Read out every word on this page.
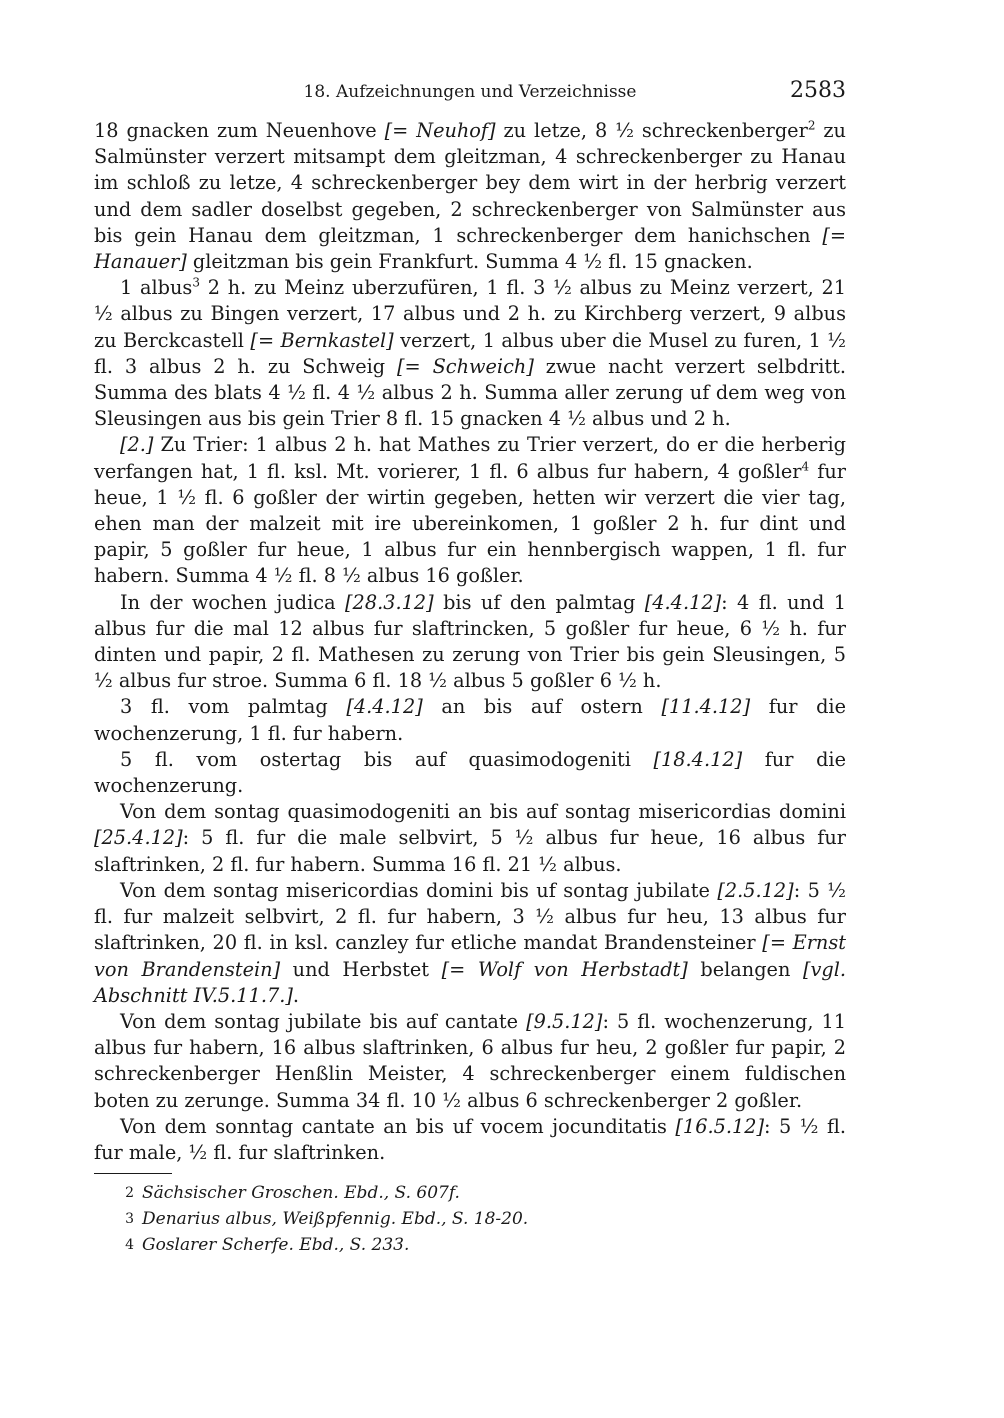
18. Aufzeichnungen und Verzeichnisse	2583

18 gnacken zum Neuenhove [= Neuhof] zu letze, 8 ½ schreckenberger$^2$ zu Salmünster verzert mitsampt dem gleitzman, 4 schreckenberger zu Hanau im schloß zu letze, 4 schreckenberger bey dem wirt in der herbrig verzert und dem sadler doselbst gegeben, 2 schreckenberger von Salmünster aus bis gein Hanau dem gleitzman, 1 schreckenberger dem hanichschen [= Hanauer] gleitzman bis gein Frankfurt. Summa 4 ½ fl. 15 gnacken.

1 albus$^3$ 2 h. zu Meinz uberzufüren, 1 fl. 3 ½ albus zu Meinz verzert, 21 ½ albus zu Bingen verzert, 17 albus und 2 h. zu Kirchberg verzert, 9 albus zu Berckcastell [= Bernkastel] verzert, 1 albus uber die Musel zu furen, 1 ½ fl. 3 albus 2 h. zu Schweig [= Schweich] zwue nacht verzert selbdritt. Summa des blats 4 ½ fl. 4 ½ albus 2 h. Summa aller zerung uf dem weg von Sleusingen aus bis gein Trier 8 fl. 15 gnacken 4 ½ albus und 2 h.

[2.] Zu Trier: 1 albus 2 h. hat Mathes zu Trier verzert, do er die herberig verfangen hat, 1 fl. ksl. Mt. vorierer, 1 fl. 6 albus fur habern, 4 goßler$^4$ fur heue, 1 ½ fl. 6 goßler der wirtin gegeben, hetten wir verzert die vier tag, ehen man der malzeit mit ire ubereinkomen, 1 goßler 2 h. fur dint und papir, 5 goßler fur heue, 1 albus fur ein hennbergisch wappen, 1 fl. fur habern. Summa 4 ½ fl. 8 ½ albus 16 goßler.

In der wochen judica [28.3.12] bis uf den palmtag [4.4.12]: 4 fl. und 1 albus fur die mal 12 albus fur slaftrincken, 5 goßler fur heue, 6 ½ h. fur dinten und papir, 2 fl. Mathesen zu zerung von Trier bis gein Sleusingen, 5 ½ albus fur stroe. Summa 6 fl. 18 ½ albus 5 goßler 6 ½ h.

3 fl. vom palmtag [4.4.12] an bis auf ostern [11.4.12] fur die wochenzerung, 1 fl. fur habern.

5 fl. vom ostertag bis auf quasimodogeniti [18.4.12] fur die wochenzerung.

Von dem sontag quasimodogeniti an bis auf sontag misericordias domini [25.4.12]: 5 fl. fur die male selbvirt, 5 ½ albus fur heue, 16 albus fur slaftrinken, 2 fl. fur habern. Summa 16 fl. 21 ½ albus.

Von dem sontag misericordias domini bis uf sontag jubilate [2.5.12]: 5 ½ fl. fur malzeit selbvirt, 2 fl. fur habern, 3 ½ albus fur heu, 13 albus fur slaftrinken, 20 fl. in ksl. canzley fur etliche mandat Brandensteiner [= Ernst von Brandenstein] und Herbstet [= Wolf von Herbstadt] belangen [vgl. Abschnitt IV.5.11.7.].

Von dem sontag jubilate bis auf cantate [9.5.12]: 5 fl. wochenzerung, 11 albus fur habern, 16 albus slaftrinken, 6 albus fur heu, 2 goßler fur papir, 2 schreckenberger Henßlin Meister, 4 schreckenberger einem fuldischen boten zu zerunge. Summa 34 fl. 10 ½ albus 6 schreckenberger 2 goßler.

Von dem sonntag cantate an bis uf vocem jocunditatis [16.5.12]: 5 ½ fl. fur male, ½ fl. fur slaftrinken.

2 Sächsischer Groschen. Ebd., S. 607f.
3 Denarius albus, Weißpfennig. Ebd., S. 18-20.
4 Goslarer Scherfe. Ebd., S. 233.
